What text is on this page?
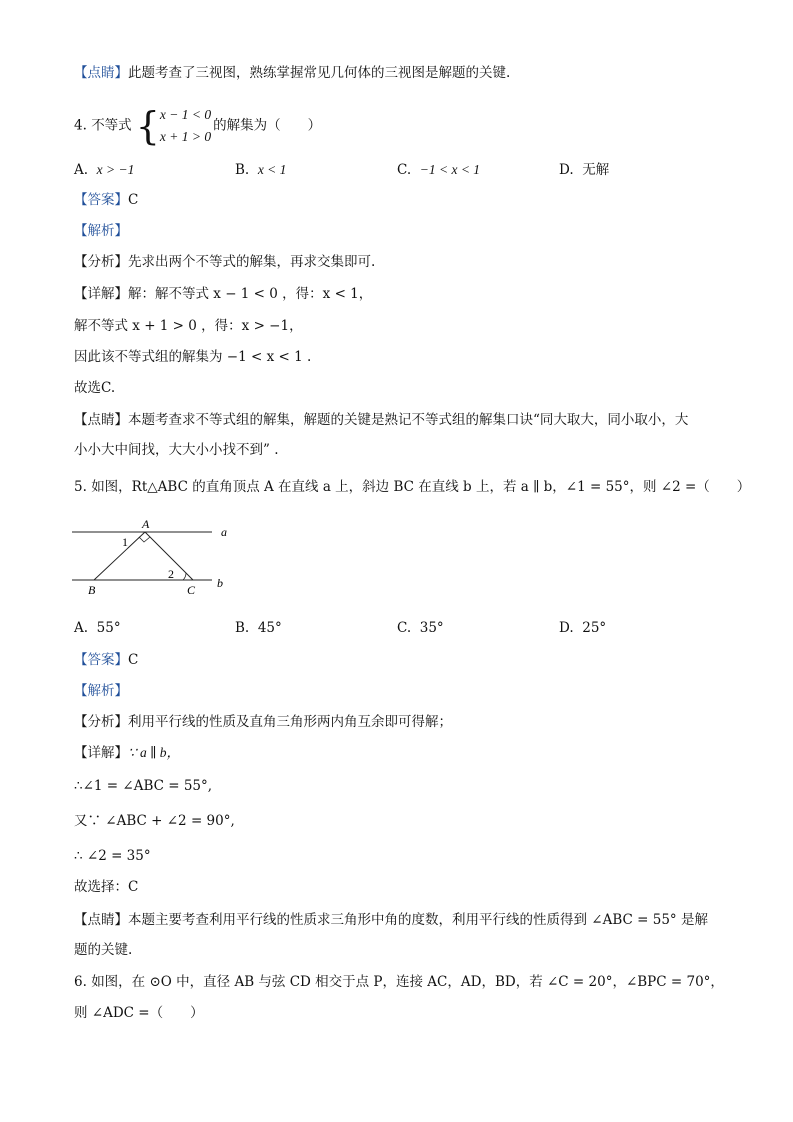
【点睛】此题考查了三视图，熟练掌握常见几何体的三视图是解题的关键.
4. 不等式 {x − 1 < 0
x + 1 > 0的解集为（　　）
A. x > −1	B. x < 1	C. −1 < x < 1	D. 无解
【答案】C
【解析】
【分析】先求出两个不等式的解集，再求交集即可.
【详解】解：解不等式 x − 1 < 0 ，得：x < 1，
解不等式 x + 1 > 0 ，得：x > −1，
因此该不等式组的解集为 −1 < x < 1 .
故选C.
【点睛】本题考查求不等式组的解集，解题的关键是熟记不等式组的解集口诀“同大取大，同小取小，大
小小大中间找，大大小小找不到” .
5. 如图，Rt△ABC 的直角顶点 A 在直线 a 上，斜边 BC 在直线 b 上，若 a ∥ b，∠1 = 55°，则 ∠2 =（　　）
A
a
1
2
B	C b
A. 55°	B. 45°	C. 35°	D. 25°
【答案】C
【解析】
【分析】利用平行线的性质及直角三角形两内角互余即可得解；
【详解】∵ a ∥ b，
∴∠1 = ∠ABC = 55°,
又∵ ∠ABC + ∠2 = 90°,
∴ ∠2 = 35°
故选择：C
【点睛】本题主要考查利用平行线的性质求三角形中角的度数，利用平行线的性质得到 ∠ABC = 55° 是解
题的关键.
6. 如图，在 ⊙O 中，直径 AB 与弦 CD 相交于点 P，连接 AC，AD，BD，若 ∠C = 20°，∠BPC = 70°，
则 ∠ADC =（　　）
